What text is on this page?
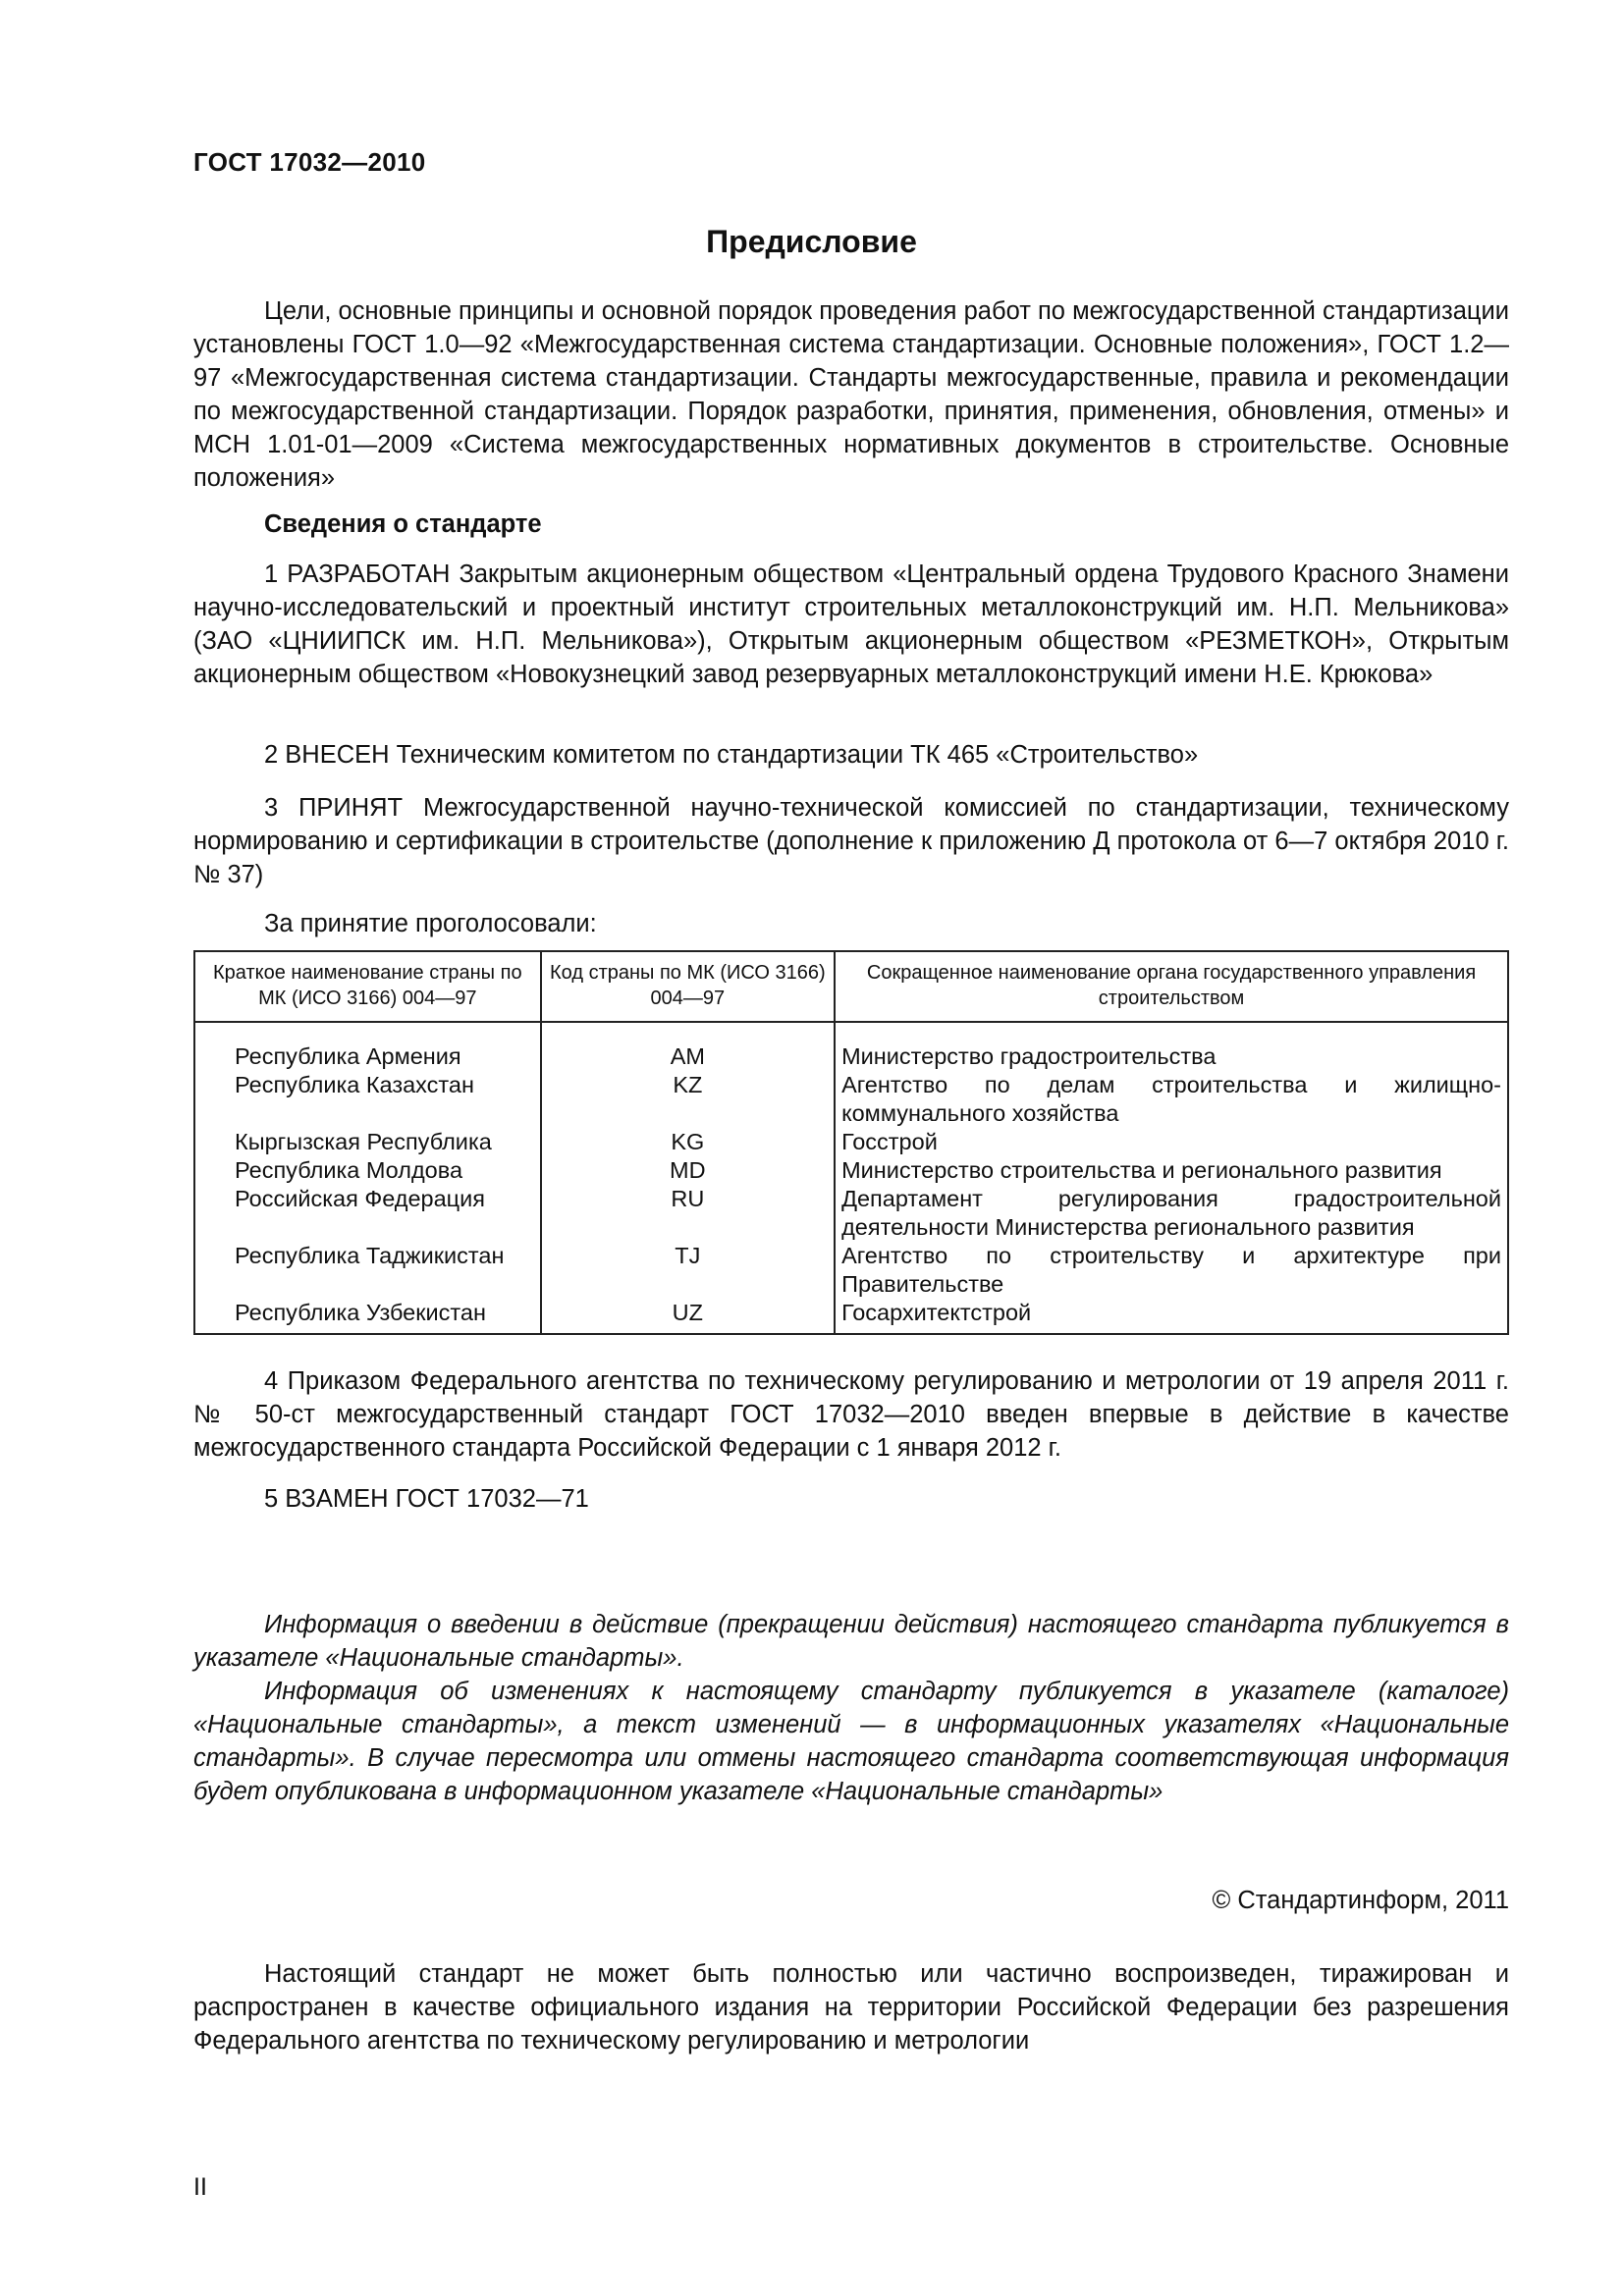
ГОСТ 17032—2010
Предисловие

Цели, основные принципы и основной порядок проведения работ по межгосударственной стандартизации установлены ГОСТ 1.0—92 «Межгосударственная система стандартизации. Основные положения», ГОСТ 1.2—97 «Межгосударственная система стандартизации. Стандарты межгосударственные, правила и рекомендации по межгосударственной стандартизации. Порядок разработки, принятия, применения, обновления, отмены» и МСН 1.01-01—2009 «Система межгосударственных нормативных документов в строительстве. Основные положения»

Сведения о стандарте

1 РАЗРАБОТАН Закрытым акционерным обществом «Центральный ордена Трудового Красного Знамени научно-исследовательский и проектный институт строительных металлоконструкций им. Н.П. Мельникова» (ЗАО «ЦНИИПСК им. Н.П. Мельникова»), Открытым акционерным обществом «РЕЗМЕТКОН», Открытым акционерным обществом «Новокузнецкий завод резервуарных металлоконструкций имени Н.Е. Крюкова»

2 ВНЕСЕН Техническим комитетом по стандартизации ТК 465 «Строительство»

3 ПРИНЯТ Межгосударственной научно-технической комиссией по стандартизации, техническому нормированию и сертификации в строительстве (дополнение к приложению Д протокола от 6—7 октября 2010 г. № 37)

За принятие проголосовали:

Краткое наименование страны по МК (ИСО 3166) 004—97	Код страны по МК (ИСО 3166) 004—97	Сокращенное наименование органа государственного управления строительством
Республика Армения	AM	Министерство градостроительства
Республика Казахстан	KZ	Агентство по делам строительства и жилищно-коммунального хозяйства
Кыргызская Республика	KG	Госстрой
Республика Молдова	MD	Министерство строительства и регионального развития
Российская Федерация	RU	Департамент регулирования градостроительной деятельности Министерства регионального развития
Республика Таджикистан	TJ	Агентство по строительству и архитектуре при Правительстве
Республика Узбекистан	UZ	Госархитектстрой

4 Приказом Федерального агентства по техническому регулированию и метрологии от 19 апреля 2011 г. № 50-ст межгосударственный стандарт ГОСТ 17032—2010 введен впервые в действие в качестве межгосударственного стандарта Российской Федерации с 1 января 2012 г.

5 ВЗАМЕН ГОСТ 17032—71

Информация о введении в действие (прекращении действия) настоящего стандарта публикуется в указателе «Национальные стандарты».

Информация об изменениях к настоящему стандарту публикуется в указателе (каталоге) «Национальные стандарты», а текст изменений — в информационных указателях «Национальные стандарты». В случае пересмотра или отмены настоящего стандарта соответствующая информация будет опубликована в информационном указателе «Национальные стандарты»

© Стандартинформ, 2011

Настоящий стандарт не может быть полностью или частично воспроизведен, тиражирован и распространен в качестве официального издания на территории Российской Федерации без разрешения Федерального агентства по техническому регулированию и метрологии

II
